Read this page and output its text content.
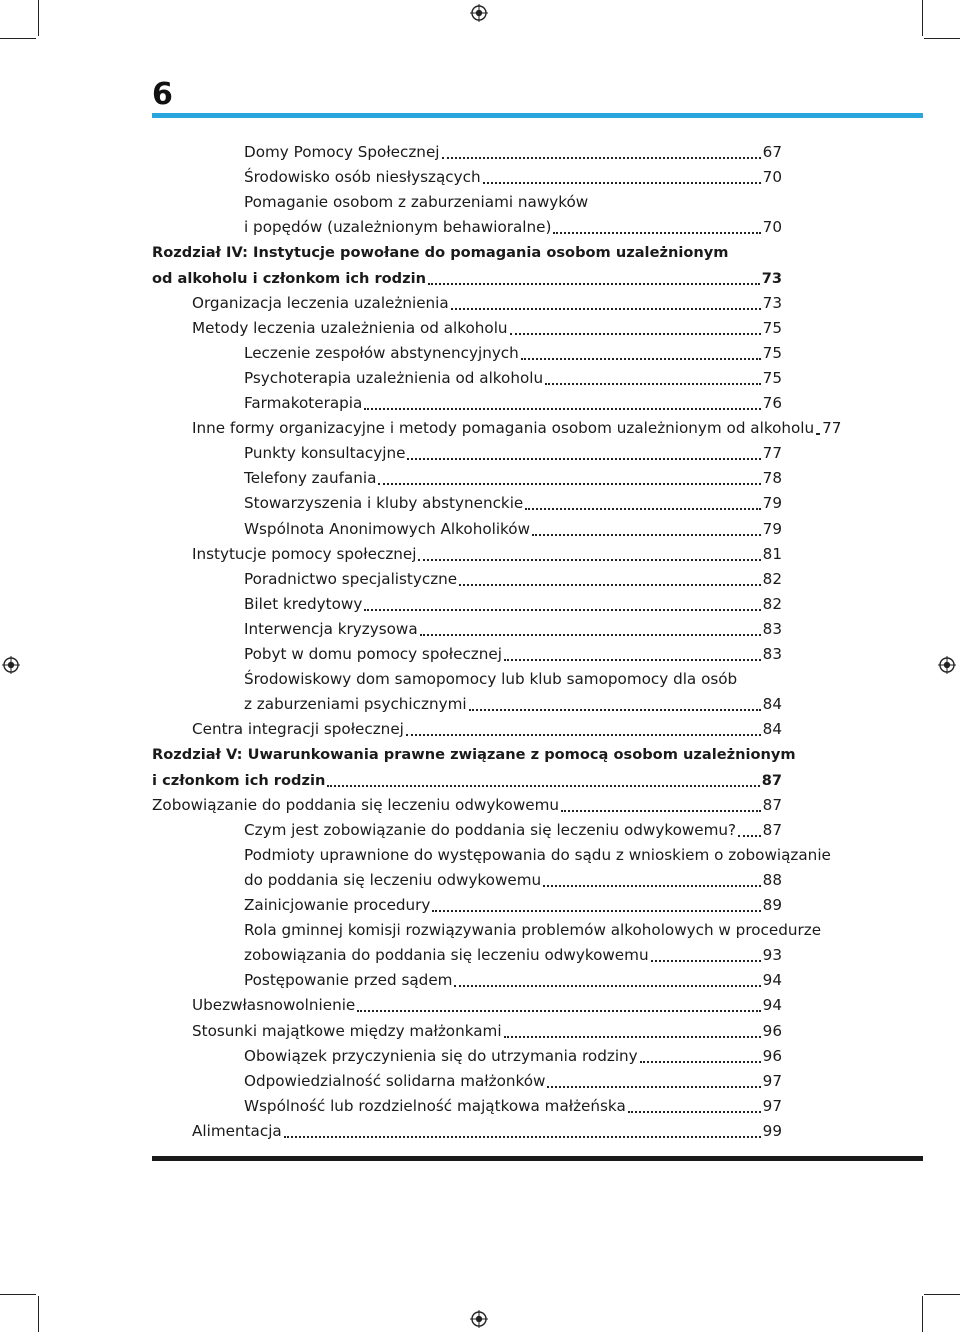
6
Domy Pomocy Społecznej	67
Środowisko osób niesłyszących	70
Pomaganie osobom z zaburzeniami nawyków
i popędów (uzależnionym behawioralne)	70
Rozdział IV: Instytucje powołane do pomagania osobom uzależnionym
od alkoholu i członkom ich rodzin	73
Organizacja leczenia uzależnienia	73
Metody leczenia uzależnienia od alkoholu	75
Leczenie zespołów abstynencyjnych	75
Psychoterapia uzależnienia od alkoholu	75
Farmakoterapia	76
Inne formy organizacyjne i metody pomagania osobom uzależnionym od alkoholu 77
Punkty konsultacyjne	77
Telefony zaufania	78
Stowarzyszenia i kluby abstynenckie	79
Wspólnota Anonimowych Alkoholików	79
Instytucje pomocy społecznej	81
Poradnictwo specjalistyczne	82
Bilet kredytowy	82
Interwencja kryzysowa	83
Pobyt w domu pomocy społecznej	83
Środowiskowy dom samopomocy lub klub samopomocy dla osób
z zaburzeniami psychicznymi	84
Centra integracji społecznej	84
Rozdział V: Uwarunkowania prawne związane z pomocą osobom uzależnionym
i członkom ich rodzin	87
Zobowiązanie do poddania się leczeniu odwykowemu	87
Czym jest zobowiązanie do poddania się leczeniu odwykowemu? 87
Podmioty uprawnione do występowania do sądu z wnioskiem o zobowiązanie
do poddania się leczeniu odwykowemu	88
Zainicjowanie procedury	89
Rola gminnej komisji rozwiązywania problemów alkoholowych w procedurze
zobowiązania do poddania się leczeniu odwykowemu	93
Postępowanie przed sądem	94
Ubezwłasnowolnienie	94
Stosunki majątkowe między małżonkami	96
Obowiązek przyczynienia się do utrzymania rodziny	96
Odpowiedzialność solidarna małżonków	97
Wspólność lub rozdzielność majątkowa małżeńska	97
Alimentacja	99
